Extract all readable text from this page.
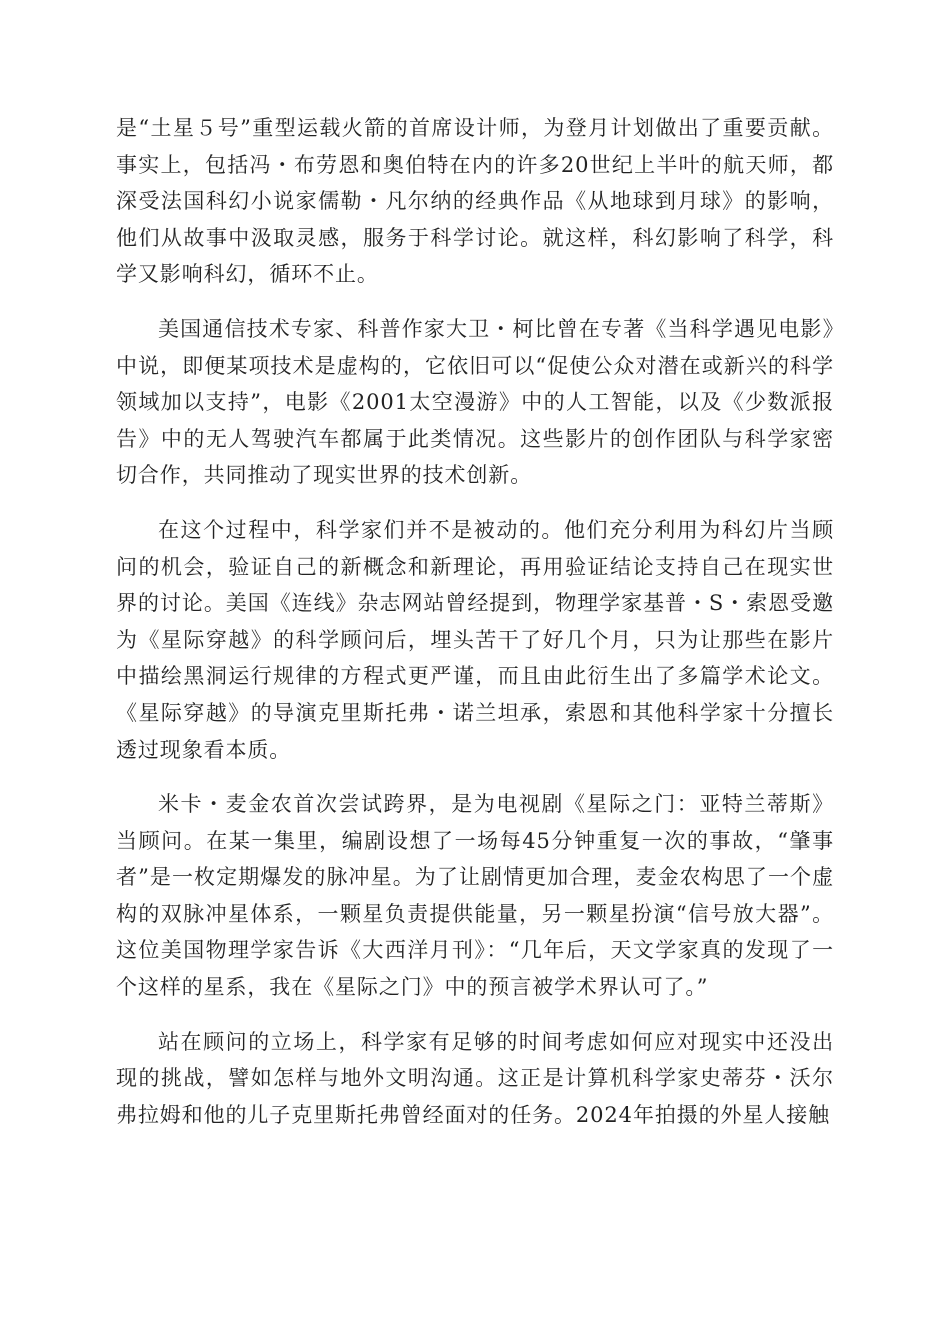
是“土星５号”重型运载火箭的首席设计师，为登月计划做出了重要贡献。事实上，包括冯・布劳恩和奥伯特在内的许多20世纪上半叶的航天师，都深受法国科幻小说家儒勒・凡尔纳的经典作品《从地球到月球》的影响，他们从故事中汲取灵感，服务于科学讨论。就这样，科幻影响了科学，科学又影响科幻，循环不止。

美国通信技术专家、科普作家大卫・柯比曾在专著《当科学遇见电影》中说，即便某项技术是虚构的，它依旧可以“促使公众对潜在或新兴的科学领域加以支持”，电影《2001太空漫游》中的人工智能，以及《少数派报告》中的无人驾驶汽车都属于此类情况。这些影片的创作团队与科学家密切合作，共同推动了现实世界的技术创新。

在这个过程中，科学家们并不是被动的。他们充分利用为科幻片当顾问的机会，验证自己的新概念和新理论，再用验证结论支持自己在现实世界的讨论。美国《连线》杂志网站曾经提到，物理学家基普・S・索恩受邀为《星际穿越》的科学顾问后，埋头苦干了好几个月，只为让那些在影片中描绘黑洞运行规律的方程式更严谨，而且由此衍生出了多篇学术论文。《星际穿越》的导演克里斯托弗・诺兰坦承，索恩和其他科学家十分擅长透过现象看本质。

米卡・麦金农首次尝试跨界，是为电视剧《星际之门：亚特兰蒂斯》当顾问。在某一集里，编剧设想了一场每45分钟重复一次的事故，“肇事者”是一枚定期爆发的脉冲星。为了让剧情更加合理，麦金农构思了一个虚构的双脉冲星体系，一颗星负责提供能量，另一颗星扮演“信号放大器”。这位美国物理学家告诉《大西洋月刊》：“几年后，天文学家真的发现了一个这样的星系，我在《星际之门》中的预言被学术界认可了。”

站在顾问的立场上，科学家有足够的时间考虑如何应对现实中还没出现的挑战，譬如怎样与地外文明沟通。这正是计算机科学家史蒂芬・沃尔弗拉姆和他的儿子克里斯托弗曾经面对的任务。2024年拍摄的外星人接触
